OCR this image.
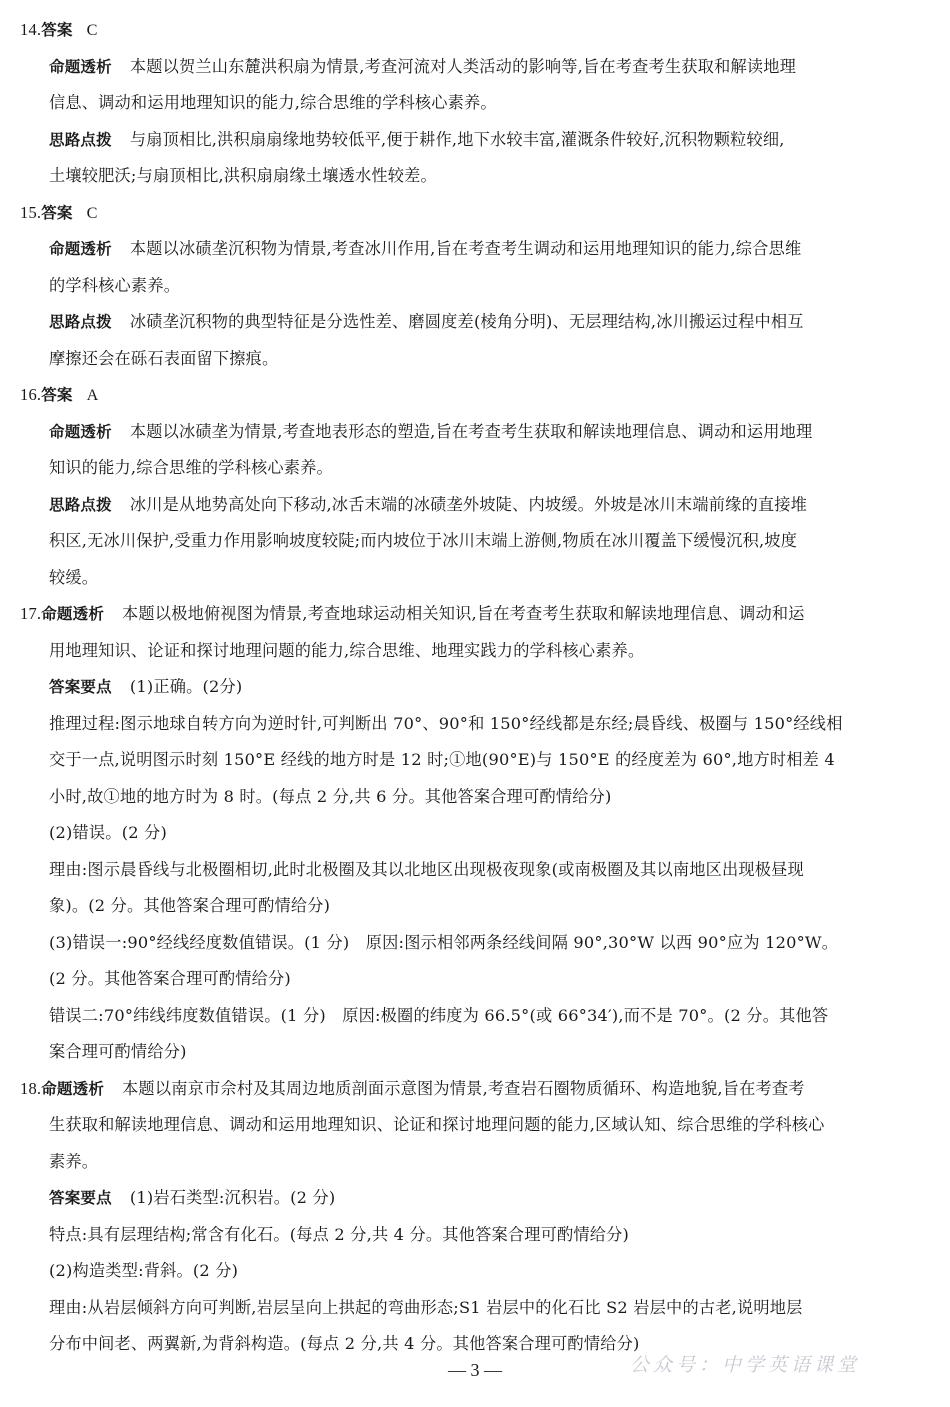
14.答案 C
命题透析 本题以贺兰山东麓洪积扇为情景,考查河流对人类活动的影响等,旨在考查考生获取和解读地理
信息、调动和运用地理知识的能力,综合思维的学科核心素养。
思路点拨 与扇顶相比,洪积扇扇缘地势较低平,便于耕作,地下水较丰富,灌溉条件较好,沉积物颗粒较细,
土壤较肥沃;与扇顶相比,洪积扇扇缘土壤透水性较差。
15.答案 C
命题透析 本题以冰碛垄沉积物为情景,考查冰川作用,旨在考查考生调动和运用地理知识的能力,综合思维
的学科核心素养。
思路点拨 冰碛垄沉积物的典型特征是分选性差、磨圆度差(棱角分明)、无层理结构,冰川搬运过程中相互
摩擦还会在砾石表面留下擦痕。
16.答案 A
命题透析 本题以冰碛垄为情景,考查地表形态的塑造,旨在考查考生获取和解读地理信息、调动和运用地理
知识的能力,综合思维的学科核心素养。
思路点拨 冰川是从地势高处向下移动,冰舌末端的冰碛垄外坡陡、内坡缓。外坡是冰川末端前缘的直接堆
积区,无冰川保护,受重力作用影响坡度较陡;而内坡位于冰川末端上游侧,物质在冰川覆盖下缓慢沉积,坡度
较缓。
17.命题透析 本题以极地俯视图为情景,考查地球运动相关知识,旨在考查考生获取和解读地理信息、调动和运
用地理知识、论证和探讨地理问题的能力,综合思维、地理实践力的学科核心素养。
答案要点 (1)正确。(2分)
推理过程:图示地球自转方向为逆时针,可判断出 70°、90°和 150°经线都是东经;晨昏线、极圈与 150°经线相
交于一点,说明图示时刻 150°E 经线的地方时是 12 时;①地(90°E)与 150°E 的经度差为 60°,地方时相差 4
小时,故①地的地方时为 8 时。(每点 2 分,共 6 分。其他答案合理可酌情给分)
(2)错误。(2 分)
理由:图示晨昏线与北极圈相切,此时北极圈及其以北地区出现极夜现象(或南极圈及其以南地区出现极昼现
象)。(2 分。其他答案合理可酌情给分)
(3)错误一:90°经线经度数值错误。(1 分)　原因:图示相邻两条经线间隔 90°,30°W 以西 90°应为 120°W。
(2 分。其他答案合理可酌情给分)
错误二:70°纬线纬度数值错误。(1 分)　原因:极圈的纬度为 66.5°(或 66°34′),而不是 70°。(2 分。其他答
案合理可酌情给分)
18.命题透析 本题以南京市佘村及其周边地质剖面示意图为情景,考查岩石圈物质循环、构造地貌,旨在考查考
生获取和解读地理信息、调动和运用地理知识、论证和探讨地理问题的能力,区域认知、综合思维的学科核心
素养。
答案要点 (1)岩石类型:沉积岩。(2 分)
特点:具有层理结构;常含有化石。(每点 2 分,共 4 分。其他答案合理可酌情给分)
(2)构造类型:背斜。(2 分)
理由:从岩层倾斜方向可判断,岩层呈向上拱起的弯曲形态;S1 岩层中的化石比 S2 岩层中的古老,说明地层
分布中间老、两翼新,为背斜构造。(每点 2 分,共 4 分。其他答案合理可酌情给分)
公众号：中学英语课堂
— 3 —
